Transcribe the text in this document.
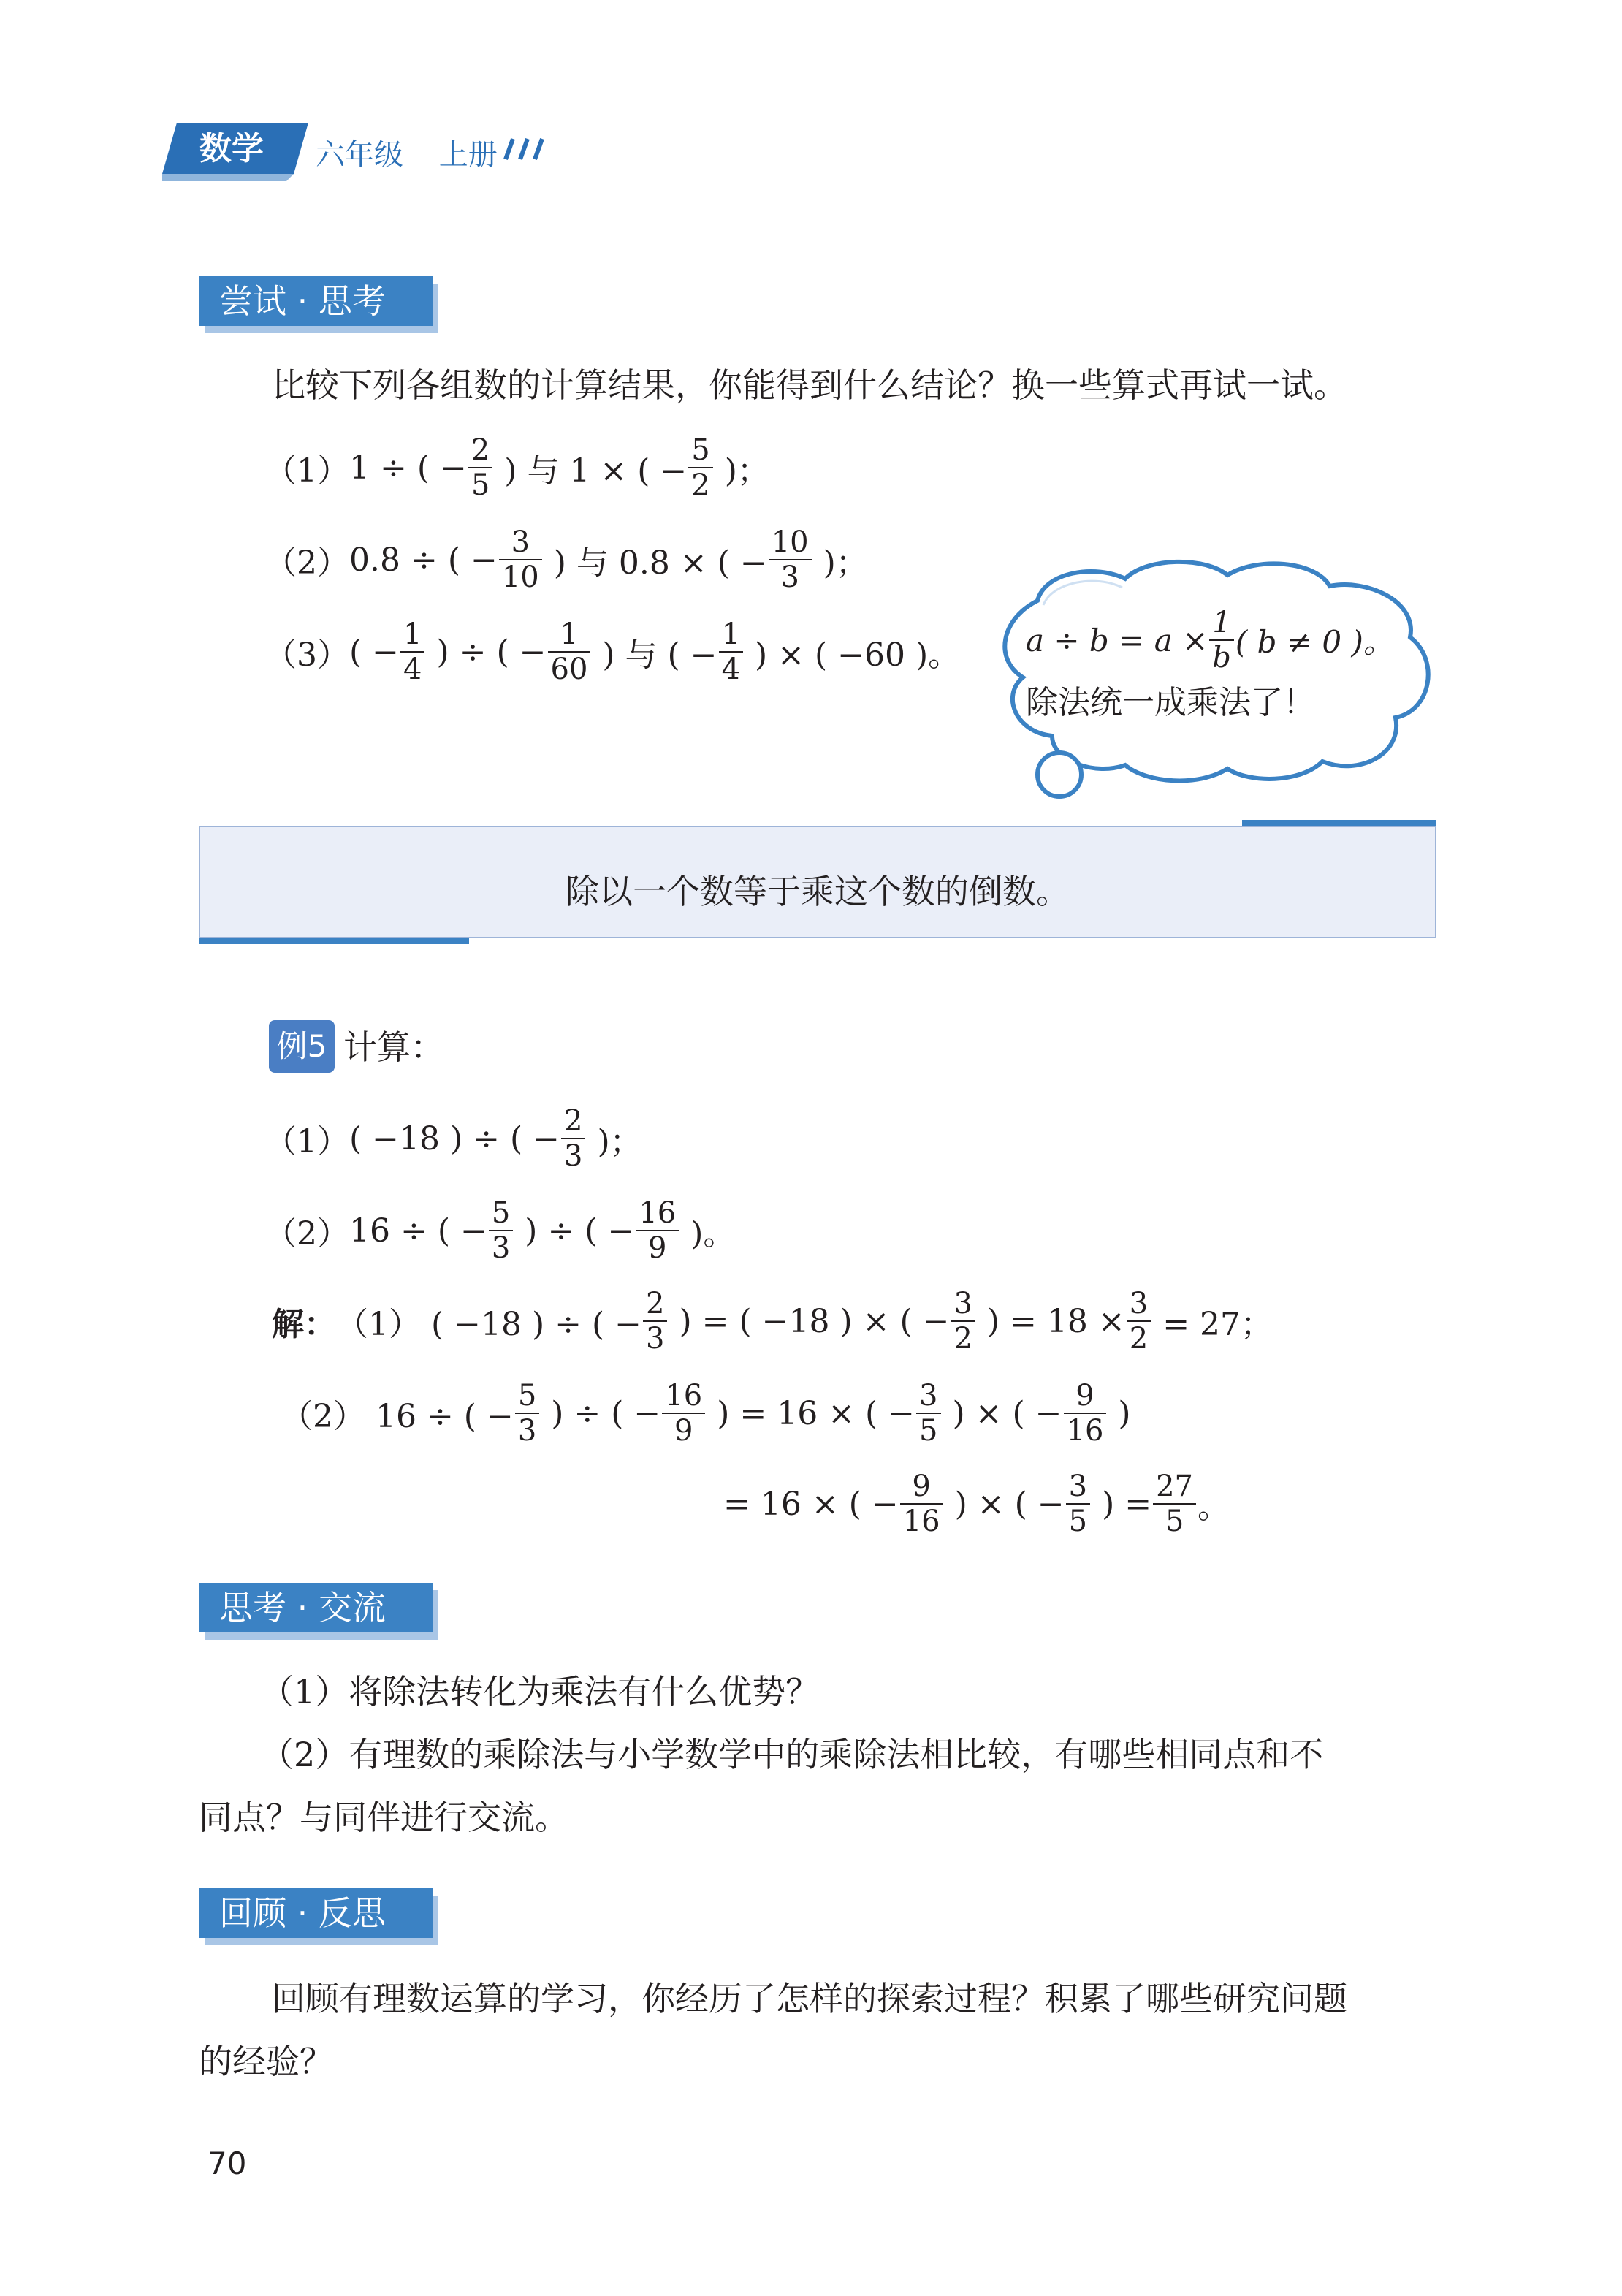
数学 六年级 上册
尝试 · 思考
比较下列各组数的计算结果，你能得到什么结论？换一些算式再试一试。
（1） 1 ÷ ( − $\frac{2}{5}$ ) 与 1 × ( − $\frac{5}{2}$ )；
（2） 0.8 ÷ ( − $\frac{3}{10}$ ) 与 0.8 × ( − $\frac{10}{3}$ )；
（3） ( − $\frac{1}{4}$ ) ÷ ( − $\frac{1}{60}$ ) 与 ( − $\frac{1}{4}$ ) × ( −60 )。 $a \div b = a \times \frac{1}{b}$ ( b ≠ 0 )。
除法统一成乘法了！
除以一个数等于乘这个数的倒数。
例5 计算：
（1） ( −18 ) ÷ ( − $\frac{2}{3}$ )；
（2） 16 ÷ ( − $\frac{5}{3}$ ) ÷ ( − $\frac{16}{9}$ )。
解： （1） ( −18 ) ÷ ( − $\frac{2}{3}$ ) = ( −18 ) × ( − $\frac{3}{2}$ ) = $18 \times \frac{3}{2} = 27$；
（2） 16 ÷ ( − $\frac{5}{3}$ ) ÷ ( − $\frac{16}{9}$ ) = 16 × ( − $\frac{3}{5}$ ) × ( − $\frac{9}{16}$ )
= 16 × ( − $\frac{9}{16}$ ) × ( − $\frac{3}{5}$ ) = $\frac{27}{5}$ 。
思考 · 交流
（1）将除法转化为乘法有什么优势？
（2）有理数的乘除法与小学数学中的乘除法相比较，有哪些相同点和不
同点？与同伴进行交流。
回顾 · 反思
回顾有理数运算的学习，你经历了怎样的探索过程？积累了哪些研究问题
的经验？
70
